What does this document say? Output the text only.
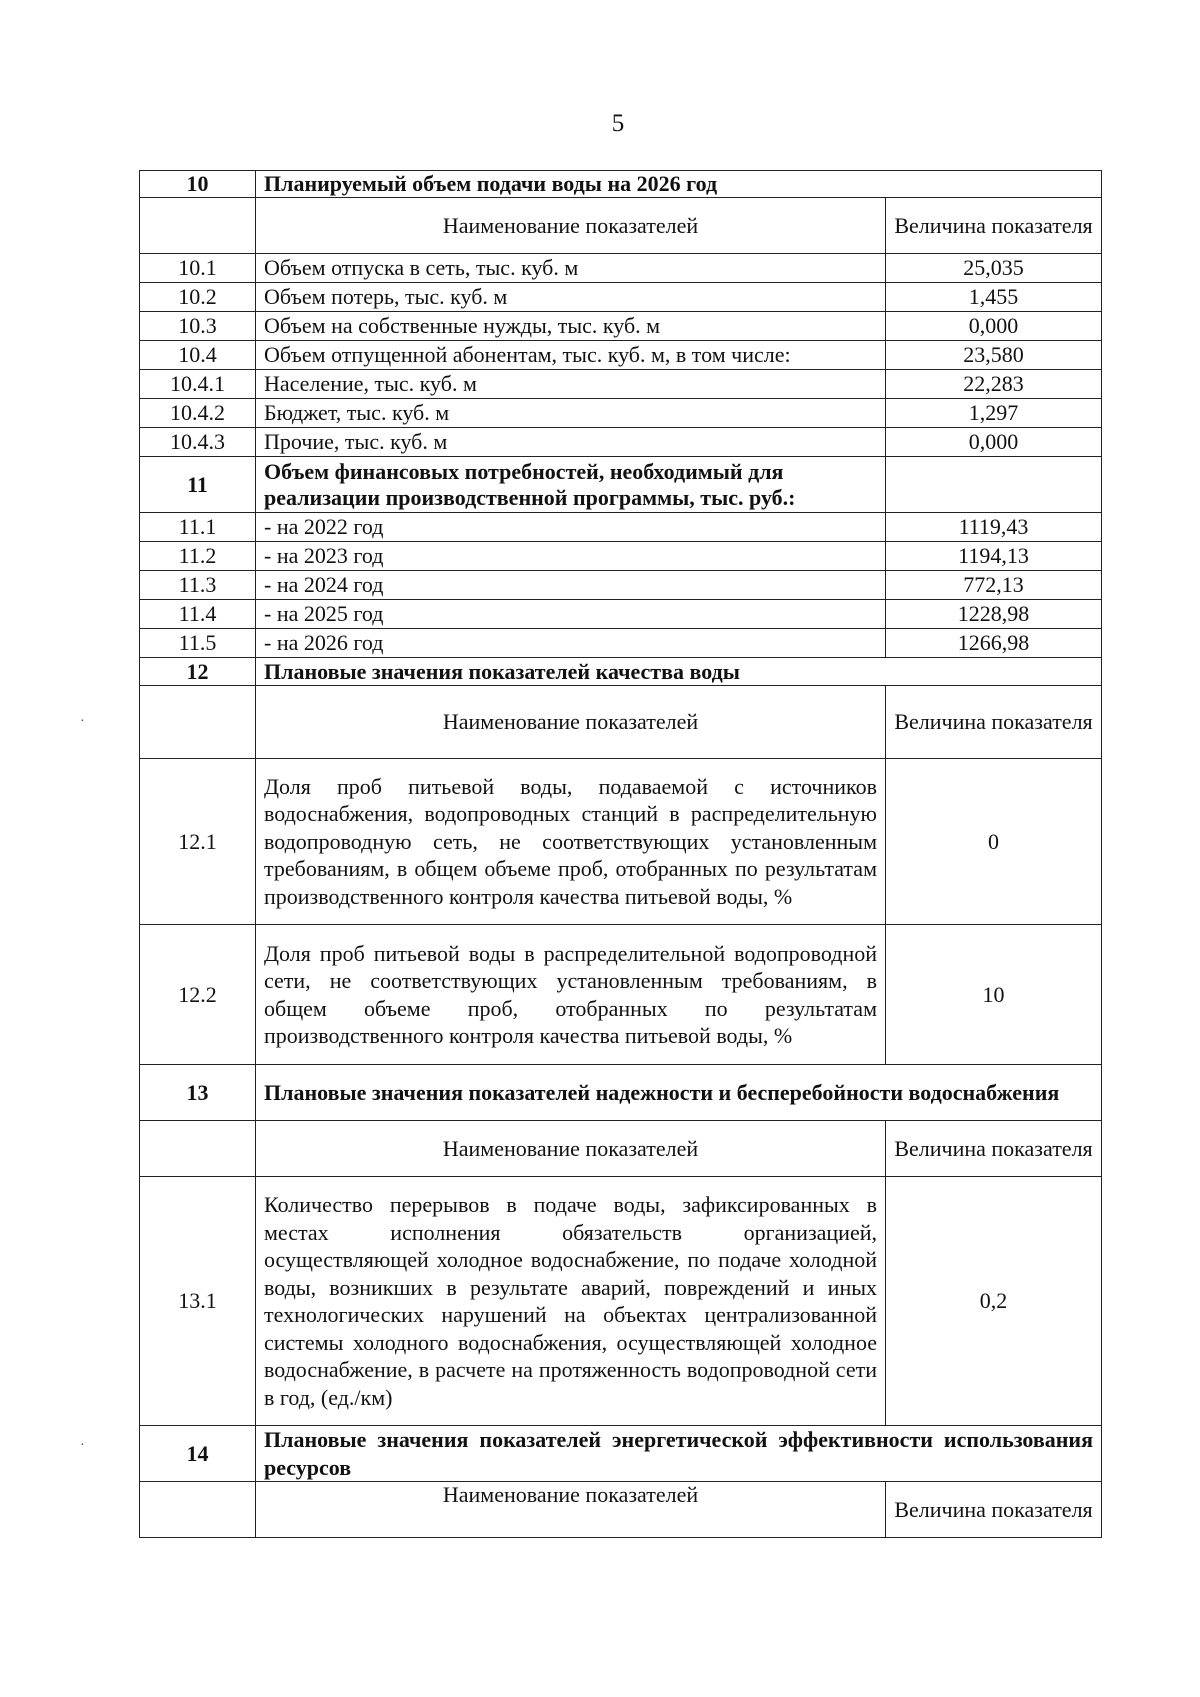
5
10	Планируемый объем подачи воды на 2026 год	
	Наименование показателей	Величина показателя
10.1	Объем отпуска в сеть, тыс. куб. м	25,035
10.2	Объем потерь, тыс. куб. м	1,455
10.3	Объем на собственные нужды, тыс. куб. м	0,000
10.4	Объем отпущенной абонентам, тыс. куб. м, в том числе:	23,580
10.4.1	Население, тыс. куб. м	22,283
10.4.2	Бюджет, тыс. куб. м	1,297
10.4.3	Прочие, тыс. куб. м	0,000
11	Объем финансовых потребностей, необходимый для реализации производственной программы, тыс. руб.:	
11.1	- на 2022 год	1119,43
11.2	- на 2023 год	1194,13
11.3	- на 2024 год	772,13
11.4	- на 2025 год	1228,98
11.5	- на 2026 год	1266,98
12	Плановые значения показателей качества воды	
	Наименование показателей	Величина показателя
12.1	Доля проб питьевой воды, подаваемой с источников водоснабжения, водопроводных станций в распределительную водопроводную сеть, не соответствующих установленным требованиям, в общем объеме проб, отобранных по результатам производственного контроля качества питьевой воды, %	0
12.2	Доля проб питьевой воды в распределительной водопроводной сети, не соответствующих установленным требованиям, в общем объеме проб, отобранных по результатам производственного контроля качества питьевой воды, %	10
13	Плановые значения показателей надежности и бесперебойности водоснабжения	
	Наименование показателей	Величина показателя
13.1	Количество перерывов в подаче воды, зафиксированных в местах исполнения обязательств организацией, осуществляющей холодное водоснабжение, по подаче холодной воды, возникших в результате аварий, повреждений и иных технологических нарушений на объектах централизованной системы холодного водоснабжения, осуществляющей холодное водоснабжение, в расчете на протяженность водопроводной сети в год, (ед./км)	0,2
14	Плановые значения показателей энергетической эффективности использования ресурсов	
	Наименование показателей	Величина показателя
·
·
